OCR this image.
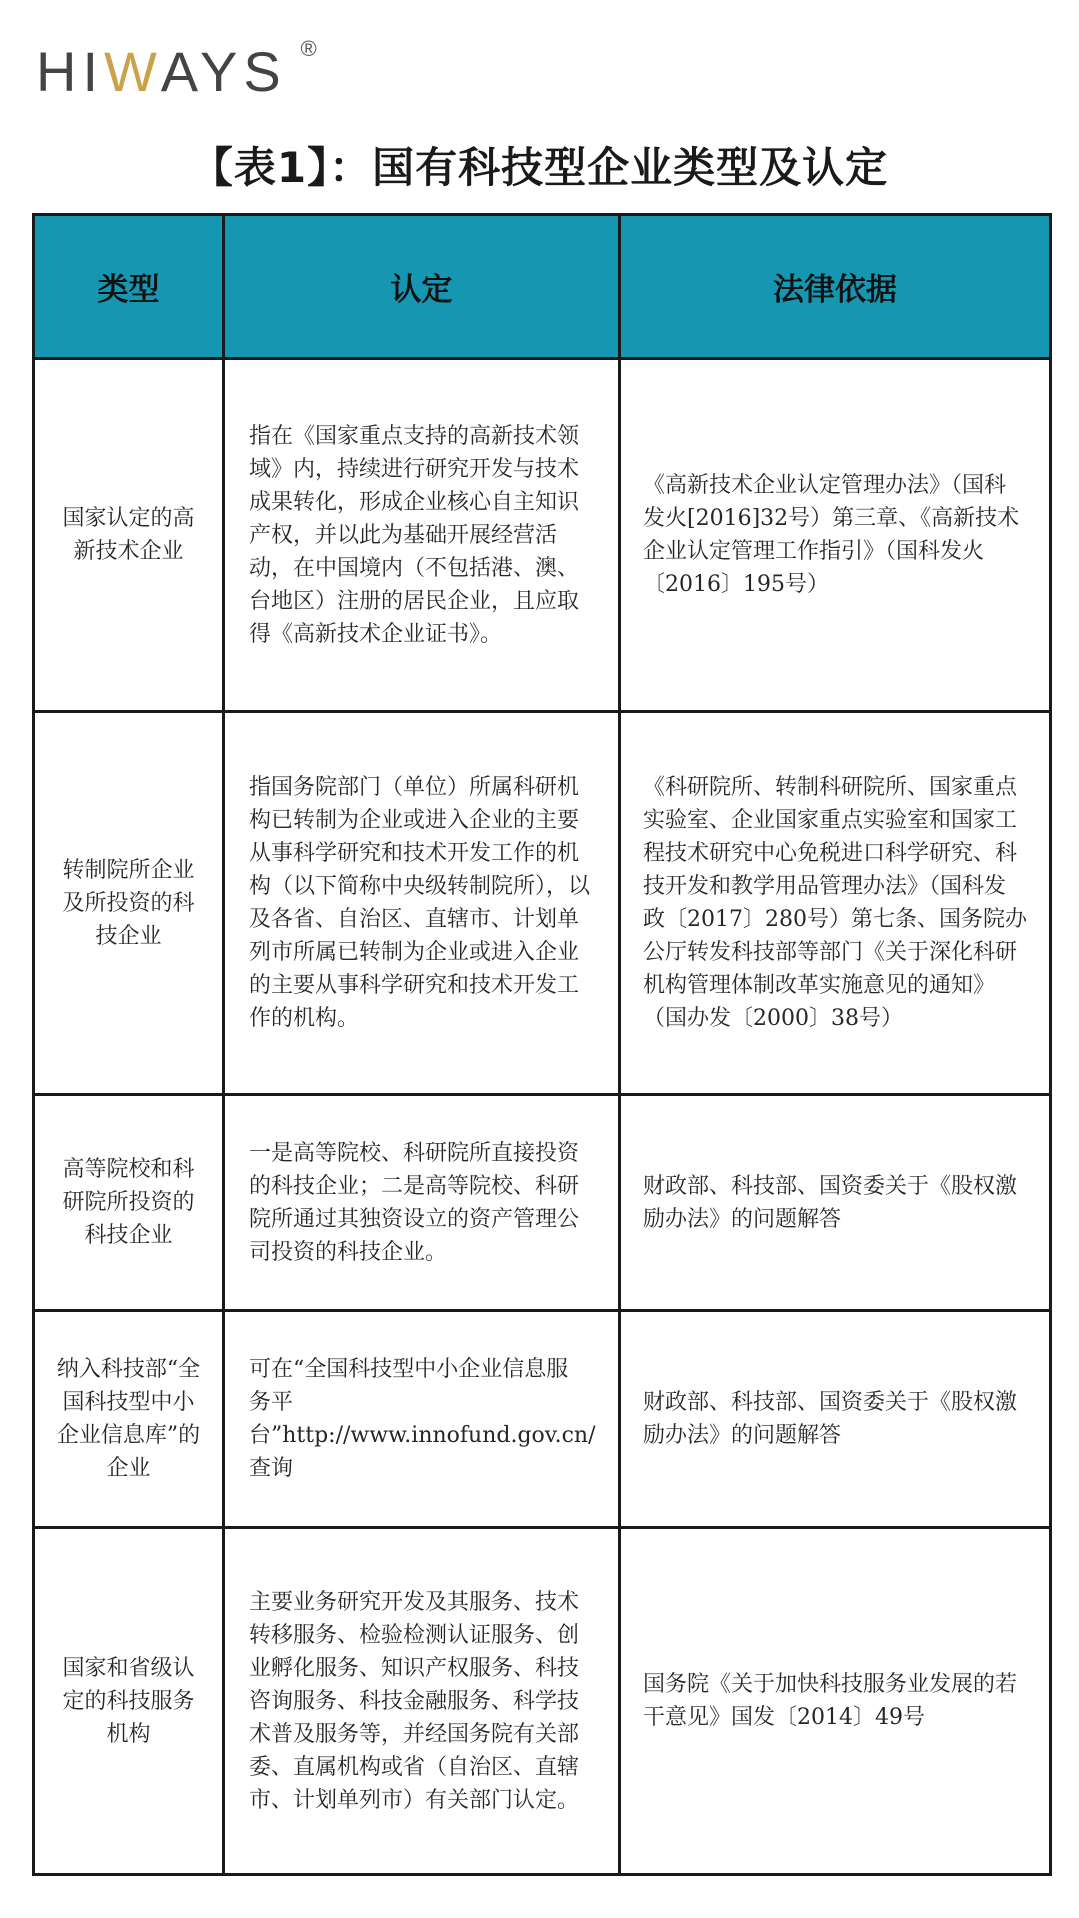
HIWAYS ®
【表1】：国有科技型企业类型及认定
类型	认定	法律依据
国家认定的高新技术企业	指在《国家重点支持的高新技术领域》内，持续进行研究开发与技术成果转化，形成企业核心自主知识产权，并以此为基础开展经营活动，在中国境内（不包括港、澳、台地区）注册的居民企业，且应取得《高新技术企业证书》。	《高新技术企业认定管理办法》（国科发火[2016]32号）第三章、《高新技术企业认定管理工作指引》（国科发火〔2016〕195号）
转制院所企业及所投资的科技企业	指国务院部门（单位）所属科研机构已转制为企业或进入企业的主要从事科学研究和技术开发工作的机构（以下简称中央级转制院所），以及各省、自治区、直辖市、计划单列市所属已转制为企业或进入企业的主要从事科学研究和技术开发工作的机构。	《科研院所、转制科研院所、国家重点实验室、企业国家重点实验室和国家工程技术研究中心免税进口科学研究、科技开发和教学用品管理办法》（国科发政〔2017〕280号）第七条、国务院办公厅转发科技部等部门《关于深化科研机构管理体制改革实施意见的通知》（国办发〔2000〕38号）
高等院校和科研院所投资的科技企业	一是高等院校、科研院所直接投资的科技企业；二是高等院校、科研院所通过其独资设立的资产管理公司投资的科技企业。	财政部、科技部、国资委关于《股权激励办法》的问题解答
纳入科技部“全国科技型中小企业信息库”的企业	可在“全国科技型中小企业信息服务平台”http://www.innofund.gov.cn/查询	财政部、科技部、国资委关于《股权激励办法》的问题解答
国家和省级认定的科技服务机构	主要业务研究开发及其服务、技术转移服务、检验检测认证服务、创业孵化服务、知识产权服务、科技咨询服务、科技金融服务、科学技术普及服务等，并经国务院有关部委、直属机构或省（自治区、直辖市、计划单列市）有关部门认定。	国务院《关于加快科技服务业发展的若干意见》国发〔2014〕49号
